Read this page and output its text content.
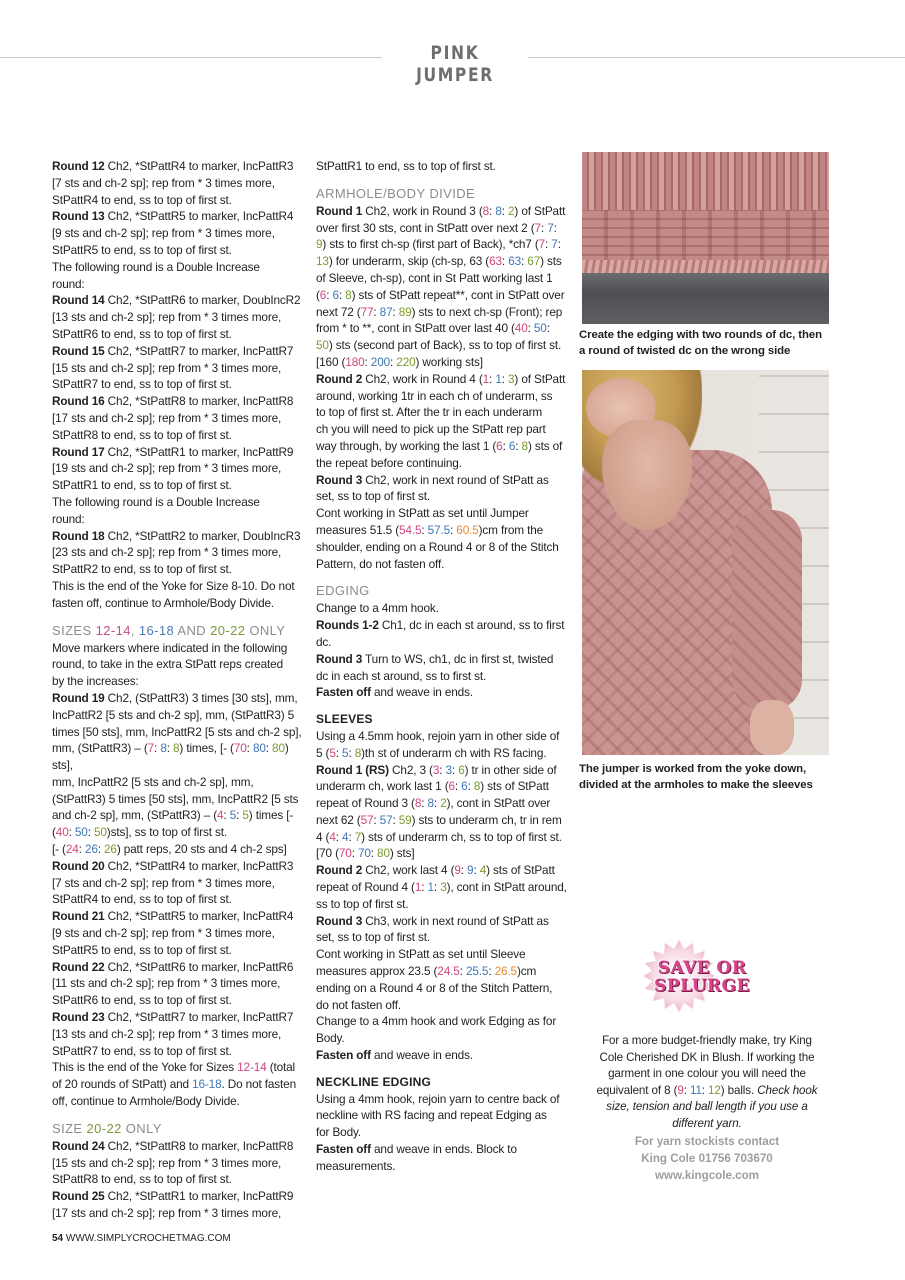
PINK JUMPER

Round 12 Ch2, *StPattR4 to marker, IncPattR3

[7 sts and ch-2 sp]; rep from * 3 times more,

StPattR4 to end, ss to top of first st.

Round 13 Ch2, *StPattR5 to marker, IncPattR4

[9 sts and ch-2 sp]; rep from * 3 times more,

StPattR5 to end, ss to top of first st.

The following round is a Double Increase

round:

Round 14 Ch2, *StPattR6 to marker, DoubIncR2

[13 sts and ch-2 sp]; rep from * 3 times more,

StPattR6 to end, ss to top of first st.

Round 15 Ch2, *StPattR7 to marker, IncPattR7

[15 sts and ch-2 sp]; rep from * 3 times more,

StPattR7 to end, ss to top of first st.

Round 16 Ch2, *StPattR8 to marker, IncPattR8

[17 sts and ch-2 sp]; rep from * 3 times more,

StPattR8 to end, ss to top of first st.

Round 17 Ch2, *StPattR1 to marker, IncPattR9

[19 sts and ch-2 sp]; rep from * 3 times more,

StPattR1 to end, ss to top of first st.

The following round is a Double Increase

round:

Round 18 Ch2, *StPattR2 to marker, DoubIncR3

[23 sts and ch-2 sp]; rep from * 3 times more,

StPattR2 to end, ss to top of first st.

This is the end of the Yoke for Size 8-10. Do not

fasten off, continue to Armhole/Body Divide.

SIZES 12-14, 16-18 AND 20-22 ONLY

Move markers where indicated in the following

round, to take in the extra StPatt reps created

by the increases:

Round 19 Ch2, (StPattR3) 3 times [30 sts], mm,

IncPattR2 [5 sts and ch-2 sp], mm, (StPattR3) 5

times [50 sts], mm, IncPattR2 [5 sts and ch-2 sp],

mm, (StPattR3) – (7: 8: 8) times, [- (70: 80: 80) sts],

mm, IncPattR2 [5 sts and ch-2 sp], mm,

(StPattR3) 5 times [50 sts], mm, IncPattR2 [5 sts

and ch-2 sp], mm, (StPattR3) – (4: 5: 5) times [-

(40: 50: 50)sts], ss to top of first st.

[- (24: 26: 26) patt reps, 20 sts and 4 ch-2 sps]

Round 20 Ch2, *StPattR4 to marker, IncPattR3

[7 sts and ch-2 sp]; rep from * 3 times more,

StPattR4 to end, ss to top of first st.

Round 21 Ch2, *StPattR5 to marker, IncPattR4

[9 sts and ch-2 sp]; rep from * 3 times more,

StPattR5 to end, ss to top of first st.

Round 22 Ch2, *StPattR6 to marker, IncPattR6

[11 sts and ch-2 sp]; rep from * 3 times more,

StPattR6 to end, ss to top of first st.

Round 23 Ch2, *StPattR7 to marker, IncPattR7

[13 sts and ch-2 sp]; rep from * 3 times more,

StPattR7 to end, ss to top of first st.

This is the end of the Yoke for Sizes 12-14 (total

of 20 rounds of StPatt) and 16-18. Do not fasten

off, continue to Armhole/Body Divide.

SIZE 20-22 ONLY

Round 24 Ch2, *StPattR8 to marker, IncPattR8

[15 sts and ch-2 sp]; rep from * 3 times more,

StPattR8 to end, ss to top of first st.

Round 25 Ch2, *StPattR1 to marker, IncPattR9

[17 sts and ch-2 sp]; rep from * 3 times more,

StPattR1 to end, ss to top of first st.

ARMHOLE/BODY DIVIDE

Round 1 Ch2, work in Round 3 (8: 8: 2) of StPatt

over first 30 sts, cont in StPatt over next 2 (7: 7:

9) sts to first ch-sp (first part of Back), *ch7 (7: 7:

13) for underarm, skip (ch-sp, 63 (63: 63: 67) sts

of Sleeve, ch-sp), cont in St Patt working last 1

(6: 6: 8) sts of StPatt repeat**, cont in StPatt over

next 72 (77: 87: 89) sts to next ch-sp (Front); rep

from * to **, cont in StPatt over last 40 (40: 50:

50) sts (second part of Back), ss to top of first st.

[160 (180: 200: 220) working sts]

Round 2 Ch2, work in Round 4 (1: 1: 3) of StPatt

around, working 1tr in each ch of underarm, ss

to top of first st. After the tr in each underarm

ch you will need to pick up the StPatt rep part

way through, by working the last 1 (6: 6: 8) sts of

the repeat before continuing.

Round 3 Ch2, work in next round of StPatt as

set, ss to top of first st.

Cont working in StPatt as set until Jumper

measures 51.5 (54.5: 57.5: 60.5)cm from the

shoulder, ending on a Round 4 or 8 of the Stitch

Pattern, do not fasten off.

EDGING

Change to a 4mm hook.

Rounds 1-2 Ch1, dc in each st around, ss to first

dc.

Round 3 Turn to WS, ch1, dc in first st, twisted

dc in each st around, ss to first st.

Fasten off and weave in ends.

SLEEVES

Using a 4.5mm hook, rejoin yarn in other side of

5 (5: 5: 8)th st of underarm ch with RS facing.

Round 1 (RS) Ch2, 3 (3: 3: 6) tr in other side of

underarm ch, work last 1 (6: 6: 8) sts of StPatt

repeat of Round 3 (8: 8: 2), cont in StPatt over

next 62 (57: 57: 59) sts to underarm ch, tr in rem

4 (4: 4: 7) sts of underarm ch, ss to top of first st.

[70 (70: 70: 80) sts]

Round 2 Ch2, work last 4 (9: 9: 4) sts of StPatt

repeat of Round 4 (1: 1: 3), cont in StPatt around,

ss to top of first st.

Round 3 Ch3, work in next round of StPatt as

set, ss to top of first st.

Cont working in StPatt as set until Sleeve

measures approx 23.5 (24.5: 25.5: 26.5)cm

ending on a Round 4 or 8 of the Stitch Pattern,

do not fasten off.

Change to a 4mm hook and work Edging as for

Body.

Fasten off and weave in ends.

NECKLINE EDGING

Using a 4mm hook, rejoin yarn to centre back of

neckline with RS facing and repeat Edging as

for Body.

Fasten off and weave in ends. Block to

measurements.

Create the edging with two rounds of dc, then
a round of twisted dc on the wrong side
The jumper is worked from the yoke down,
divided at the armholes to make the sleeves
SAVE OR
SPLURGE
For a more budget-friendly make, try King
Cole Cherished DK in Blush. If working the
garment in one colour you will need the
equivalent of 8 (9: 11: 12) balls. Check hook
size, tension and ball length if you use a
different yarn.
For yarn stockists contact
King Cole 01756 703670
www.kingcole.com
54 WWW.SIMPLYCROCHETMAG.COM
